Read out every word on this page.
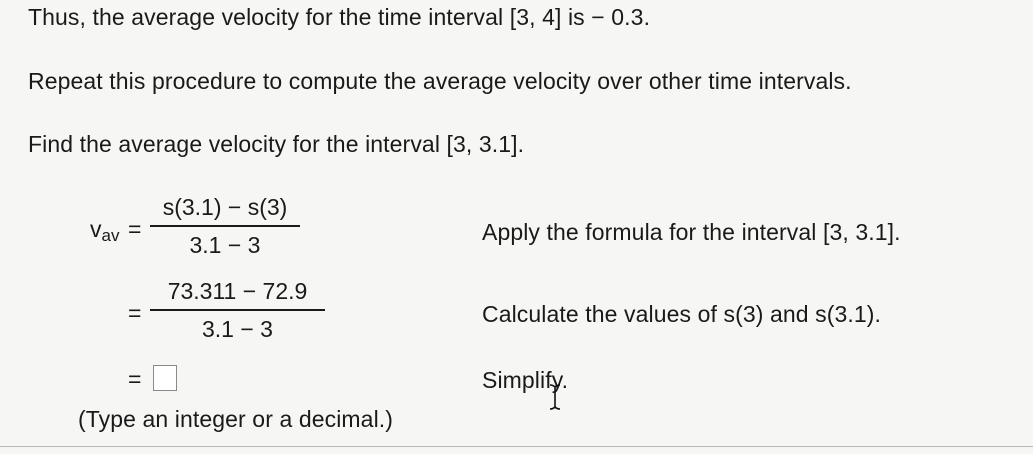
Thus, the average velocity for the time interval [3, 4] is − 0.3.
Repeat this procedure to compute the average velocity over other time intervals.
Find the average velocity for the interval [3, 3.1].
$v_{av}$ =
s(3.1) − s(3)
3.1 − 3	Apply the formula for the interval [3, 3.1].
=
73.311 − 72.9
3.1 − 3
Calculate the values of s(3) and s(3.1).
=	Simplify.
(Type an integer or a decimal.)
